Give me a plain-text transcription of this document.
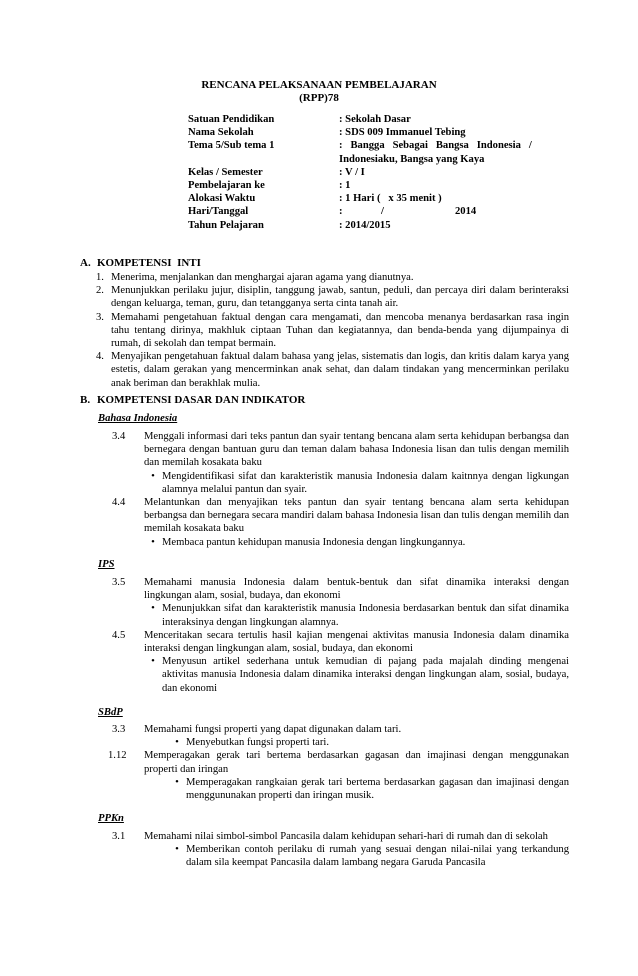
RENCANA PELAKSANAAN PEMBELAJARAN
(RPP)78
Satuan Pendidikan	: Sekolah Dasar
Nama Sekolah	: SDS 009 Immanuel Tebing
Tema 5/Sub tema 1	:   Bangga   Sebagai   Bangsa   Indonesia   /
Indonesiaku, Bangsa yang Kaya
Kelas / Semester	: V / I
Pembelajaran ke	: 1
Alokasi Waktu	: 1 Hari (   x 35 menit )
Hari/Tanggal	:	/	2014
Tahun Pelajaran	: 2014/2015
A. KOMPETENSI  INTI
1. Menerima, menjalankan dan menghargai ajaran agama yang dianutnya.
2. Menunjukkan perilaku jujur, disiplin, tanggung jawab, santun, peduli, dan percaya diri dalam berinteraksi dengan keluarga, teman, guru, dan tetangganya serta cinta tanah air.
3. Memahami pengetahuan faktual dengan cara mengamati, dan mencoba menanya berdasarkan rasa ingin tahu tentang dirinya, makhluk ciptaan Tuhan dan kegiatannya, dan benda-benda yang dijumpainya di rumah, di sekolah dan tempat bermain.
4. Menyajikan pengetahuan faktual dalam bahasa yang jelas, sistematis dan logis, dan kritis dalam karya yang estetis, dalam gerakan yang mencerminkan anak sehat, dan dalam tindakan yang mencerminkan perilaku anak beriman dan berakhlak mulia.
B. KOMPETENSI DASAR DAN INDIKATOR
Bahasa Indonesia
3.4	Menggali informasi dari teks pantun dan syair tentang bencana alam serta kehidupan berbangsa dan bernegara dengan bantuan guru dan teman dalam bahasa Indonesia lisan dan tulis dengan memilih dan memilah kosakata baku
• Mengidentifikasi sifat dan karakteristik manusia Indonesia dalam kaitnnya dengan ligkungan alamnya melalui pantun dan syair.
4.4	Melantunkan dan menyajikan teks pantun dan syair tentang bencana alam serta kehidupan berbangsa dan bernegara secara mandiri dalam bahasa Indonesia lisan dan tulis dengan memilih dan memilah kosakata baku
• Membaca pantun kehidupan manusia Indonesia dengan lingkungannya.
IPS
3.5	Memahami manusia Indonesia dalam bentuk-bentuk dan sifat dinamika interaksi dengan lingkungan alam, sosial, budaya, dan ekonomi
• Menunjukkan sifat dan karakteristik manusia Indonesia berdasarkan bentuk dan sifat dinamika interaksinya dengan lingkungan alamnya.
4.5	Menceritakan secara tertulis hasil kajian mengenai aktivitas manusia Indonesia dalam dinamika interaksi dengan lingkungan alam, sosial, budaya, dan ekonomi
• Menyusun artikel sederhana untuk kemudian di pajang pada majalah dinding mengenai aktivitas manusia Indonesia dalam dinamika interaksi dengan lingkungan alam, sosial, budaya, dan ekonomi
SBdP
3.3	Memahami fungsi properti yang dapat digunakan dalam tari.
• Menyebutkan fungsi properti tari.
1.12	Memperagakan gerak tari bertema berdasarkan gagasan dan imajinasi dengan menggunakan properti dan iringan
• Memperagakan rangkaian gerak tari bertema berdasarkan gagasan dan imajinasi dengan menggununakan properti dan iringan musik.
PPKn
3.1	Memahami nilai simbol-simbol Pancasila dalam kehidupan sehari-hari di rumah dan di sekolah
• Memberikan contoh perilaku di rumah yang sesuai dengan nilai-nilai yang terkandung dalam sila keempat Pancasila dalam lambang negara Garuda Pancasila
